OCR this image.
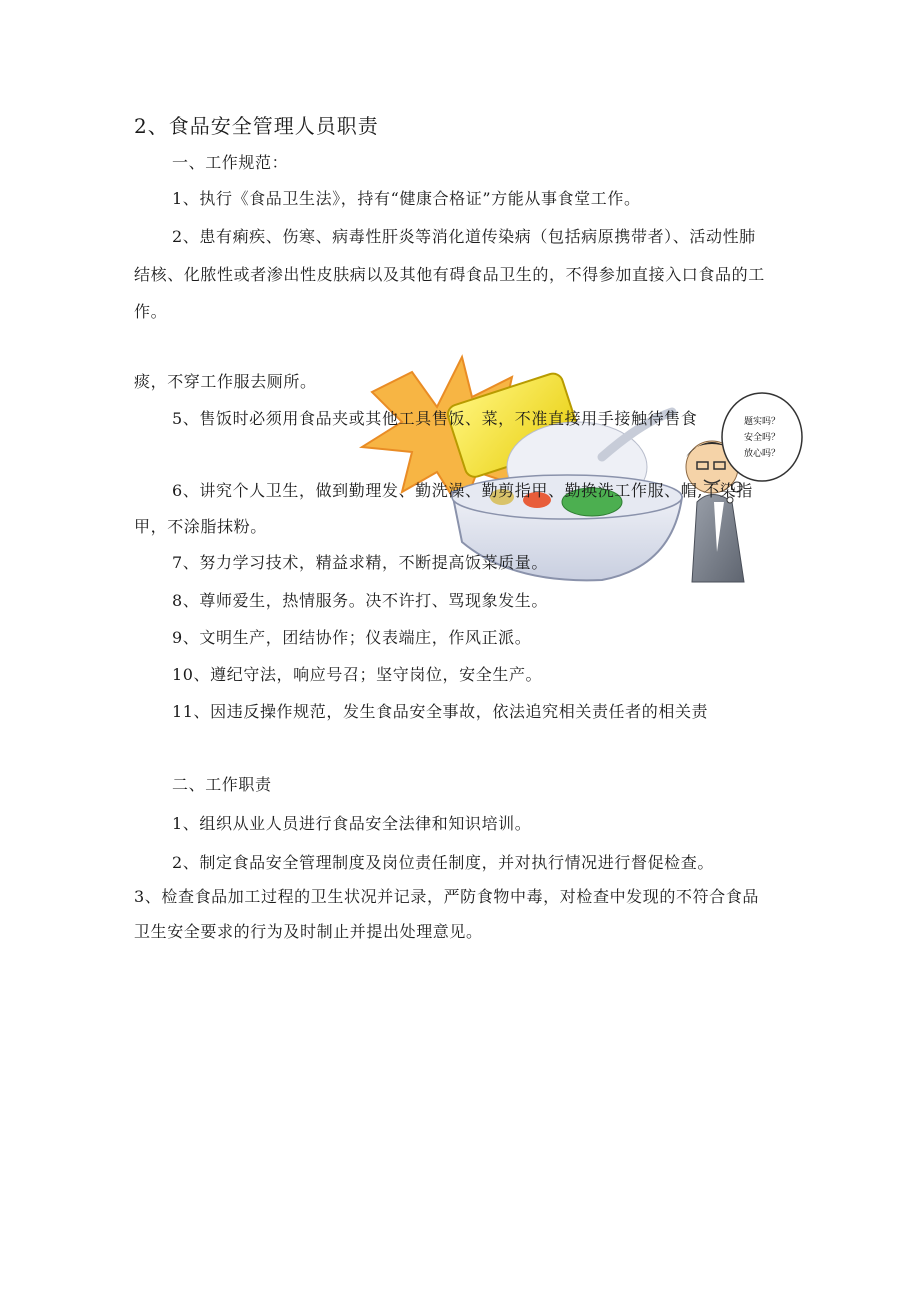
题实吗？
安全吗？
放心吗？
2、食品安全管理人员职责
一、工作规范：
1、执行《食品卫生法》，持有“健康合格证”方能从事食堂工作。
2、患有痢疾、伤寒、病毒性肝炎等消化道传染病（包括病原携带者）、活动性肺
结核、化脓性或者渗出性皮肤病以及其他有碍食品卫生的，不得参加直接入口食品的工
作。
痰，不穿工作服去厕所。
5、售饭时必须用食品夹或其他工具售饭、菜，不准直接用手接触待售食
6、讲究个人卫生，做到勤理发、勤洗澡、勤剪指甲、勤换洗工作服、帽,不染指
甲，不涂脂抹粉。
7、努力学习技术，精益求精，不断提高饭菜质量。
8、尊师爱生，热情服务。决不许打、骂现象发生。
9、文明生产，团结协作；仪表端庄，作风正派。
10、遵纪守法，响应号召；坚守岗位，安全生产。
11、因违反操作规范，发生食品安全事故，依法追究相关责任者的相关责
二、工作职责
1、组织从业人员进行食品安全法律和知识培训。
2、制定食品安全管理制度及岗位责任制度，并对执行情况进行督促检查。
3、检查食品加工过程的卫生状况并记录，严防食物中毒，对检查中发现的不符合食品
卫生安全要求的行为及时制止并提出处理意见。
